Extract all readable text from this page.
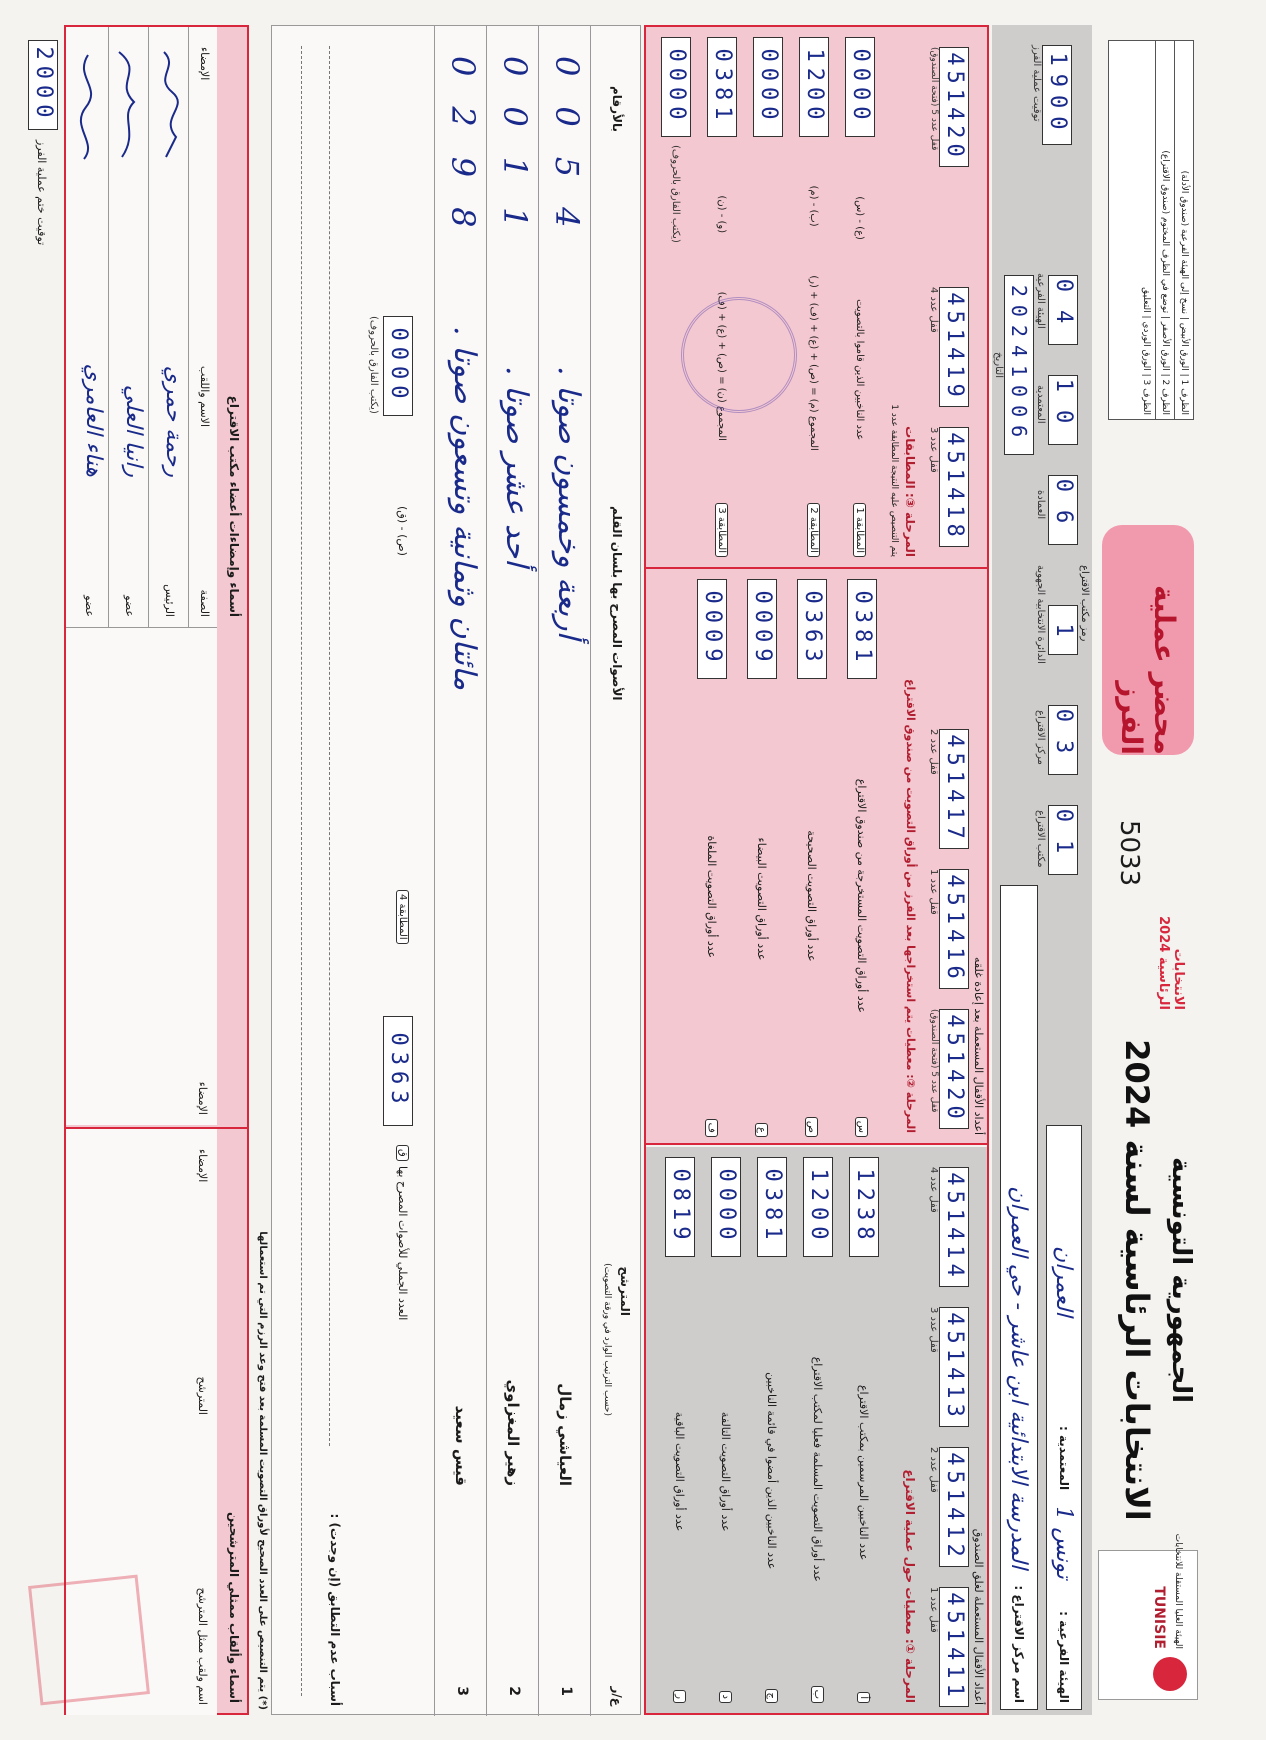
الهيئة العليا المستقلة للانتخابات
TUNISIE
الجمهورية التونسية
الانتخابات الرئاسية لسنة 2024
الانتخابات الرئاسية 2024
5033
محضر عملية الفرز
الظرف 1 | الورق الأبيض | نسخ إلى الهيئة الفرعية (صندوق الأدلة)
الظرف 2 | الورق الأصفر | توضع في الظرف المختوم (صندوق الاقتراع)
الظرف 3 | الورق الوردي | التعليق
الهيئة الفرعية :
تونس 1
المعتمدية :
العمران
اسم مركز الاقتراع :
المدرسة الابتدائية ابن عاشر - حي العمران
رمز مكتب الاقتراع
01
مكتب الاقتراع
03
مركز الاقتراع
1
الدائرة الانتخابية الجهوية
06
العمادة
10
المعتمدية
04
الهيئة الفرعية
20241006
التاريخ
1900
توقيت عملية الفرز
أعداد الأقفال المستعملة لغلق الصندوق
451411
قفل عدد 1
451412
قفل عدد 2
451413
قفل عدد 3
451414
قفل عدد 4
المرحلة ①: معطيات حول عملية الاقتراع
1238
عدد الناخبين المرسمين بمكتب الاقتراع
أ
1200
عدد أوراق التصويت المسلمة فعليا لمكتب الاقتراع
ب
0381
عدد الناخبين الذين أمضوا في قائمة الناخبين
ج
0000
عدد أوراق التصويت التالفة
د
0819
عدد أوراق التصويت الباقية
ر
أعداد الأقفال المستعملة بعد إعادة غلقه
451420
قفل عدد 5 (فتحة الصندوق)
451416
قفل عدد 1
451417
قفل عدد 2
المرحلة ②: معطيات يتم استخراجها بعد الفرز من أوراق التصويت من صندوق الاقتراع
0381
عدد أوراق التصويت المستخرجة من صندوق الاقتراع
س
0363
عدد أوراق التصويت الصحيحة
ص
0009
عدد أوراق التصويت البيضاء
ع
0009
عدد أوراق التصويت الملغاة
ف
451418
قفل عدد 3
451419
قفل عدد 4
451420
قفل عدد 5 (فتحة الصندوق)
المرحلة ③: المطابقات
يتم التنصيص عليه النتيجة المطابقة عدد 1
0000
(ع) - (س)
عدد الناخبين الذين قاموا بالتصويت
المطابقة 1
1200
(ب) - (م)
المجموع (م) = (ص) + (ع) + (ف) + (ر)
المطابقة 2
0000
0381
(و) - (ن)
المجموع (ن) = (ص) + (ع) + (ف)
المطابقة 3
0000
(يكتب الفارق بالحروف)
ع/ر
المترشح
(حسب الترتيب الوارد في ورقة التصويت)
الأصوات المصرح بها بلسان القلم
بالأرقام
1
العياشي زمال
أربعة وخمسون صوتا .
0054
2
زهير المغزاوي
أحد عشر صوتا .
0011
3
قيس سعيد
مائتان وثمانية وتسعون صوتا .
0298
ق
العدد الجملي للأصوات المصرح بها
0363
المطابقة 4
(ص) - (ق)
0000
(يكتب الفارق بالحروف)
أسباب عدم التطابق (إن وجدت) :
(*) يتم التنصيص على العدد الصحيح لأوراق التصويت المسلمة بعد فتح وعد الرزم التي تم استعمالها
أسماء وألقاب ممثلي المترشحين
اسم ولقب ممثل المترشح
المترشح
الإمضاء
الإمضاء
أسماء وإمضاءات أعضاء مكتب الاقتراع
الصفة
الاسم واللقب
الإمضاء
الرئيس
رحمة حمري
عضو
رانيا العلي
عضو
هناء العامري
2000
توقيت ختم عملية الفرز
